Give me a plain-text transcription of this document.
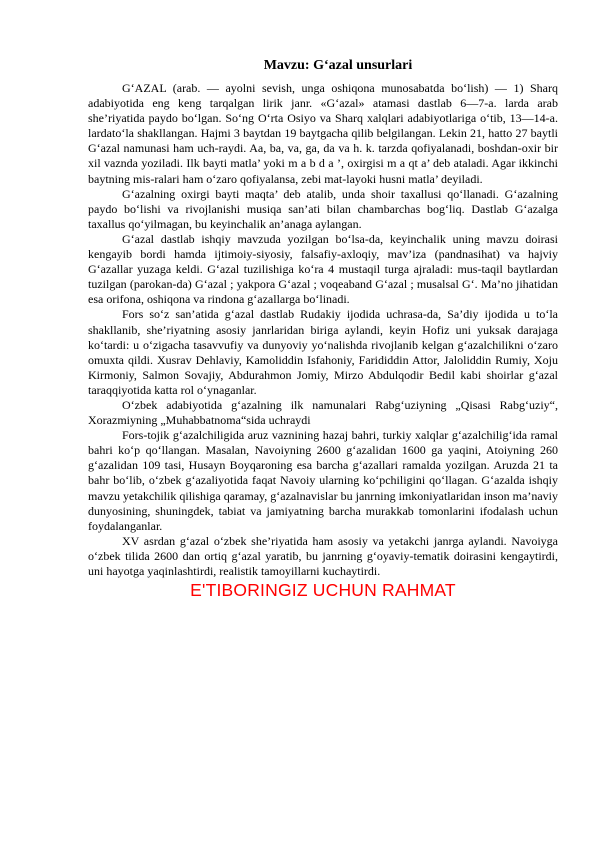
Mavzu: G‘azal unsurlari

G‘AZAL (arab. — ayolni sevish, unga oshiqona munosabatda bo‘lish) — 1) Sharq adabiyotida eng keng tarqalgan lirik janr. «G‘azal» atamasi dastlab 6—7-a. larda arab she’riyatida paydo bo‘lgan. So‘ng O‘rta Osiyo va Sharq xalqlari adabiyotlariga o‘tib, 13—14-a. lardato‘la shakllangan. Hajmi 3 baytdan 19 baytgacha qilib belgilangan. Lekin 21, hatto 27 baytli G‘azal namunasi ham uch-raydi. Aa, ba, va, ga, da va h. k. tarzda qofiyalanadi, boshdan-oxir bir xil vaznda yoziladi. Ilk bayti matla’ yoki m a b d a ’, oxirgisi m a qt a’ deb ataladi. Agar ikkinchi baytning mis-ralari ham o‘zaro qofiyalansa, zebi mat-layoki husni matla’ deyiladi.

G‘azalning oxirgi bayti maqta’ deb atalib, unda shoir taxallusi qo‘llanadi. G‘azalning paydo bo‘lishi va rivojlanishi musiqa san’ati bilan chambarchas bog‘liq. Dastlab G‘azalga taxallus qo‘yilmagan, bu keyinchalik an’anaga aylangan.

G‘azal dastlab ishqiy mavzuda yozilgan bo‘lsa-da, keyinchalik uning mavzu doirasi kengayib bordi hamda ijtimoiy-siyosiy, falsafiy-axloqiy, mav’iza (pandnasihat) va hajviy G‘azallar yuzaga keldi. G‘azal tuzilishiga ko‘ra 4 mustaqil turga ajraladi: mus-taqil baytlardan tuzilgan (parokan-da) G‘azal ; yakpora G‘azal ; voqeaband G‘azal ; musalsal G‘. Ma’no jihatidan esa orifona, oshiqona va rindona g‘azallarga bo‘linadi.

Fors so‘z san’atida g‘azal dastlab Rudakiy ijodida uchrasa-da, Sa’diy ijodida u to‘la shakllanib, she’riyatning asosiy janrlaridan biriga aylandi, keyin Hofiz uni yuksak darajaga ko‘tardi: u o‘zigacha tasavvufiy va dunyoviy yo‘nalishda rivojlanib kelgan g‘azalchilikni o‘zaro omuxta qildi. Xusrav Dehlaviy, Kamoliddin Isfahoniy, Farididdin Attor, Jaloliddin Rumiy, Xoju Kirmoniy, Salmon Sovajiy, Abdurahmon Jomiy, Mirzo Abdulqodir Bedil kabi shoirlar g‘azal taraqqiyotida katta rol o‘ynaganlar.

O‘zbek adabiyotida g‘azalning ilk namunalari Rabg‘uziyning „Qisasi Rabg‘uziy“, Xorazmiyning „Muhabbatnoma“sida uchraydi

Fors-tojik g‘azalchiligida aruz vaznining hazaj bahri, turkiy xalqlar g‘azalchilig‘ida ramal bahri ko‘p qo‘llangan. Masalan, Navoiyning 2600 g‘azalidan 1600 ga yaqini, Atoiyning 260 g‘azalidan 109 tasi, Husayn Boyqaroning esa barcha g‘azallari ramalda yozilgan. Aruzda 21 ta bahr bo‘lib, o‘zbek g‘azaliyotida faqat Navoiy ularning ko‘pchiligini qo‘llagan. G‘azalda ishqiy mavzu yetakchilik qilishiga qaramay, g‘azalnavislar bu janrning imkoniyatlaridan inson ma’naviy dunyosining, shuningdek, tabiat va jamiyatning barcha murakkab tomonlarini ifodalash uchun foydalanganlar.

XV asrdan g‘azal o‘zbek she’riyatida ham asosiy va yetakchi janrga aylandi. Navoiyga o‘zbek tilida 2600 dan ortiq g‘azal yaratib, bu janrning g‘oyaviy-tematik doirasini kengaytirdi, uni hayotga yaqinlashtirdi, realistik tamoyillarni kuchaytirdi.

E'TIBORINGIZ UCHUN RAHMAT
